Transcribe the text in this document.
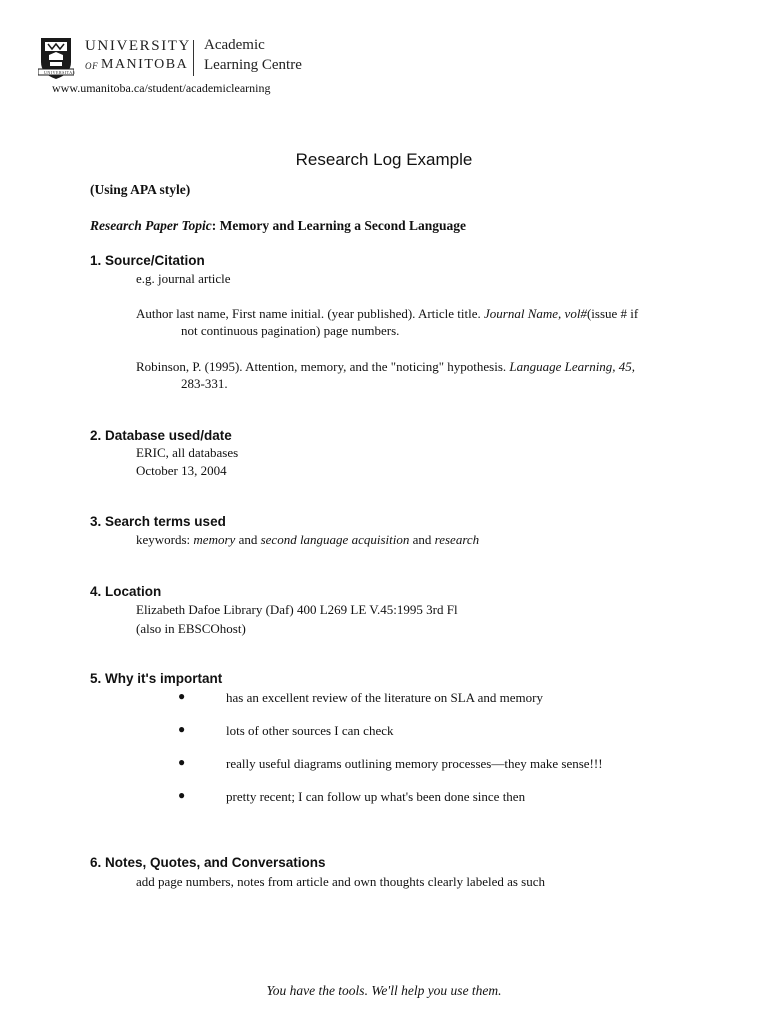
UNIVERSITAS
UNIVERSITY
OF MANITOBA
Academic
Learning Centre
www.umanitoba.ca/student/academiclearning
Research Log Example
(Using APA style)
Research Paper Topic: Memory and Learning a Second Language
1. Source/Citation
e.g. journal article
Author last name, First name initial. (year published). Article title. Journal Name, vol#(issue # if
not continuous pagination) page numbers.
Robinson, P. (1995). Attention, memory, and the "noticing" hypothesis. Language Learning, 45,
283-331.
2. Database used/date
ERIC, all databases
October 13, 2004
3. Search terms used
keywords: memory and second language acquisition and research
4. Location
Elizabeth Dafoe Library (Daf) 400 L269 LE V.45:1995 3rd Fl
(also in EBSCOhost)
5. Why it's important
●	has an excellent review of the literature on SLA and memory
●	lots of other sources I can check
●	really useful diagrams outlining memory processes—they make sense!!!
●	pretty recent; I can follow up what's been done since then
6. Notes, Quotes, and Conversations
add page numbers, notes from article and own thoughts clearly labeled as such
You have the tools. We'll help you use them.
